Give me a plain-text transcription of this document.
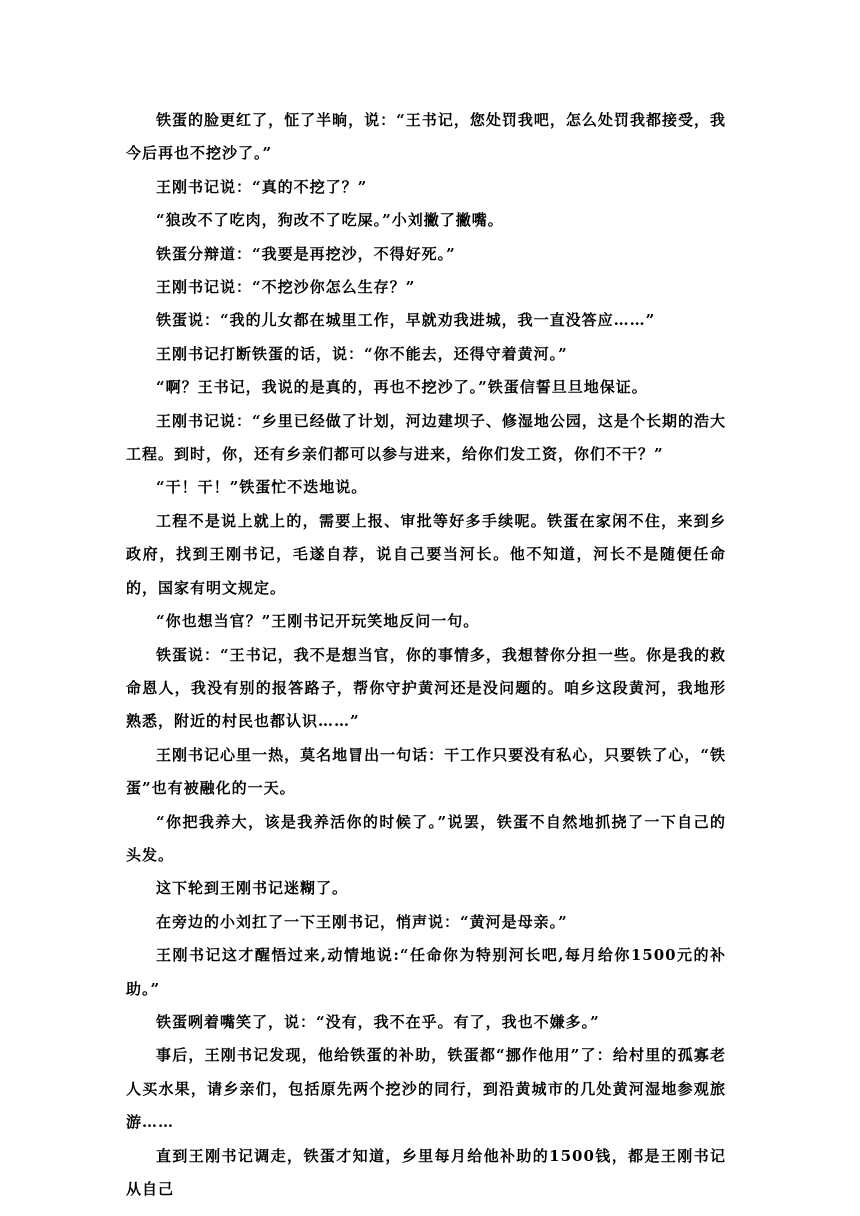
铁蛋的脸更红了，怔了半晌，说：“王书记，您处罚我吧，怎么处罚我都接受，我今后再也不挖沙了。”

王刚书记说：“真的不挖了？”

“狼改不了吃肉，狗改不了吃屎。”小刘撇了撇嘴。

铁蛋分辩道：“我要是再挖沙，不得好死。”

王刚书记说：“不挖沙你怎么生存？”

铁蛋说：“我的儿女都在城里工作，早就劝我进城，我一直没答应……”

王刚书记打断铁蛋的话，说：“你不能去，还得守着黄河。”

“啊？王书记，我说的是真的，再也不挖沙了。”铁蛋信誓旦旦地保证。

王刚书记说：“乡里已经做了计划，河边建坝子、修湿地公园，这是个长期的浩大工程。到时，你，还有乡亲们都可以参与进来，给你们发工资，你们不干？”

“干！干！”铁蛋忙不迭地说。

工程不是说上就上的，需要上报、审批等好多手续呢。铁蛋在家闲不住，来到乡政府，找到王刚书记，毛遂自荐，说自己要当河长。他不知道，河长不是随便任命的，国家有明文规定。

“你也想当官？”王刚书记开玩笑地反问一句。

铁蛋说：“王书记，我不是想当官，你的事情多，我想替你分担一些。你是我的救命恩人，我没有别的报答路子，帮你守护黄河还是没问题的。咱乡这段黄河，我地形熟悉，附近的村民也都认识……”

王刚书记心里一热，莫名地冒出一句话：干工作只要没有私心，只要铁了心，“铁蛋”也有被融化的一天。

“你把我养大，该是我养活你的时候了。”说罢，铁蛋不自然地抓挠了一下自己的头发。

这下轮到王刚书记迷糊了。

在旁边的小刘扛了一下王刚书记，悄声说：“黄河是母亲。”

王刚书记这才醒悟过来,动情地说:“任命你为特别河长吧,每月给你1500元的补助。”

铁蛋咧着嘴笑了，说：“没有，我不在乎。有了，我也不嫌多。”

事后，王刚书记发现，他给铁蛋的补助，铁蛋都“挪作他用”了：给村里的孤寡老人买水果，请乡亲们，包括原先两个挖沙的同行，到沿黄城市的几处黄河湿地参观旅游……

直到王刚书记调走，铁蛋才知道，乡里每月给他补助的1500钱，都是王刚书记从自己
